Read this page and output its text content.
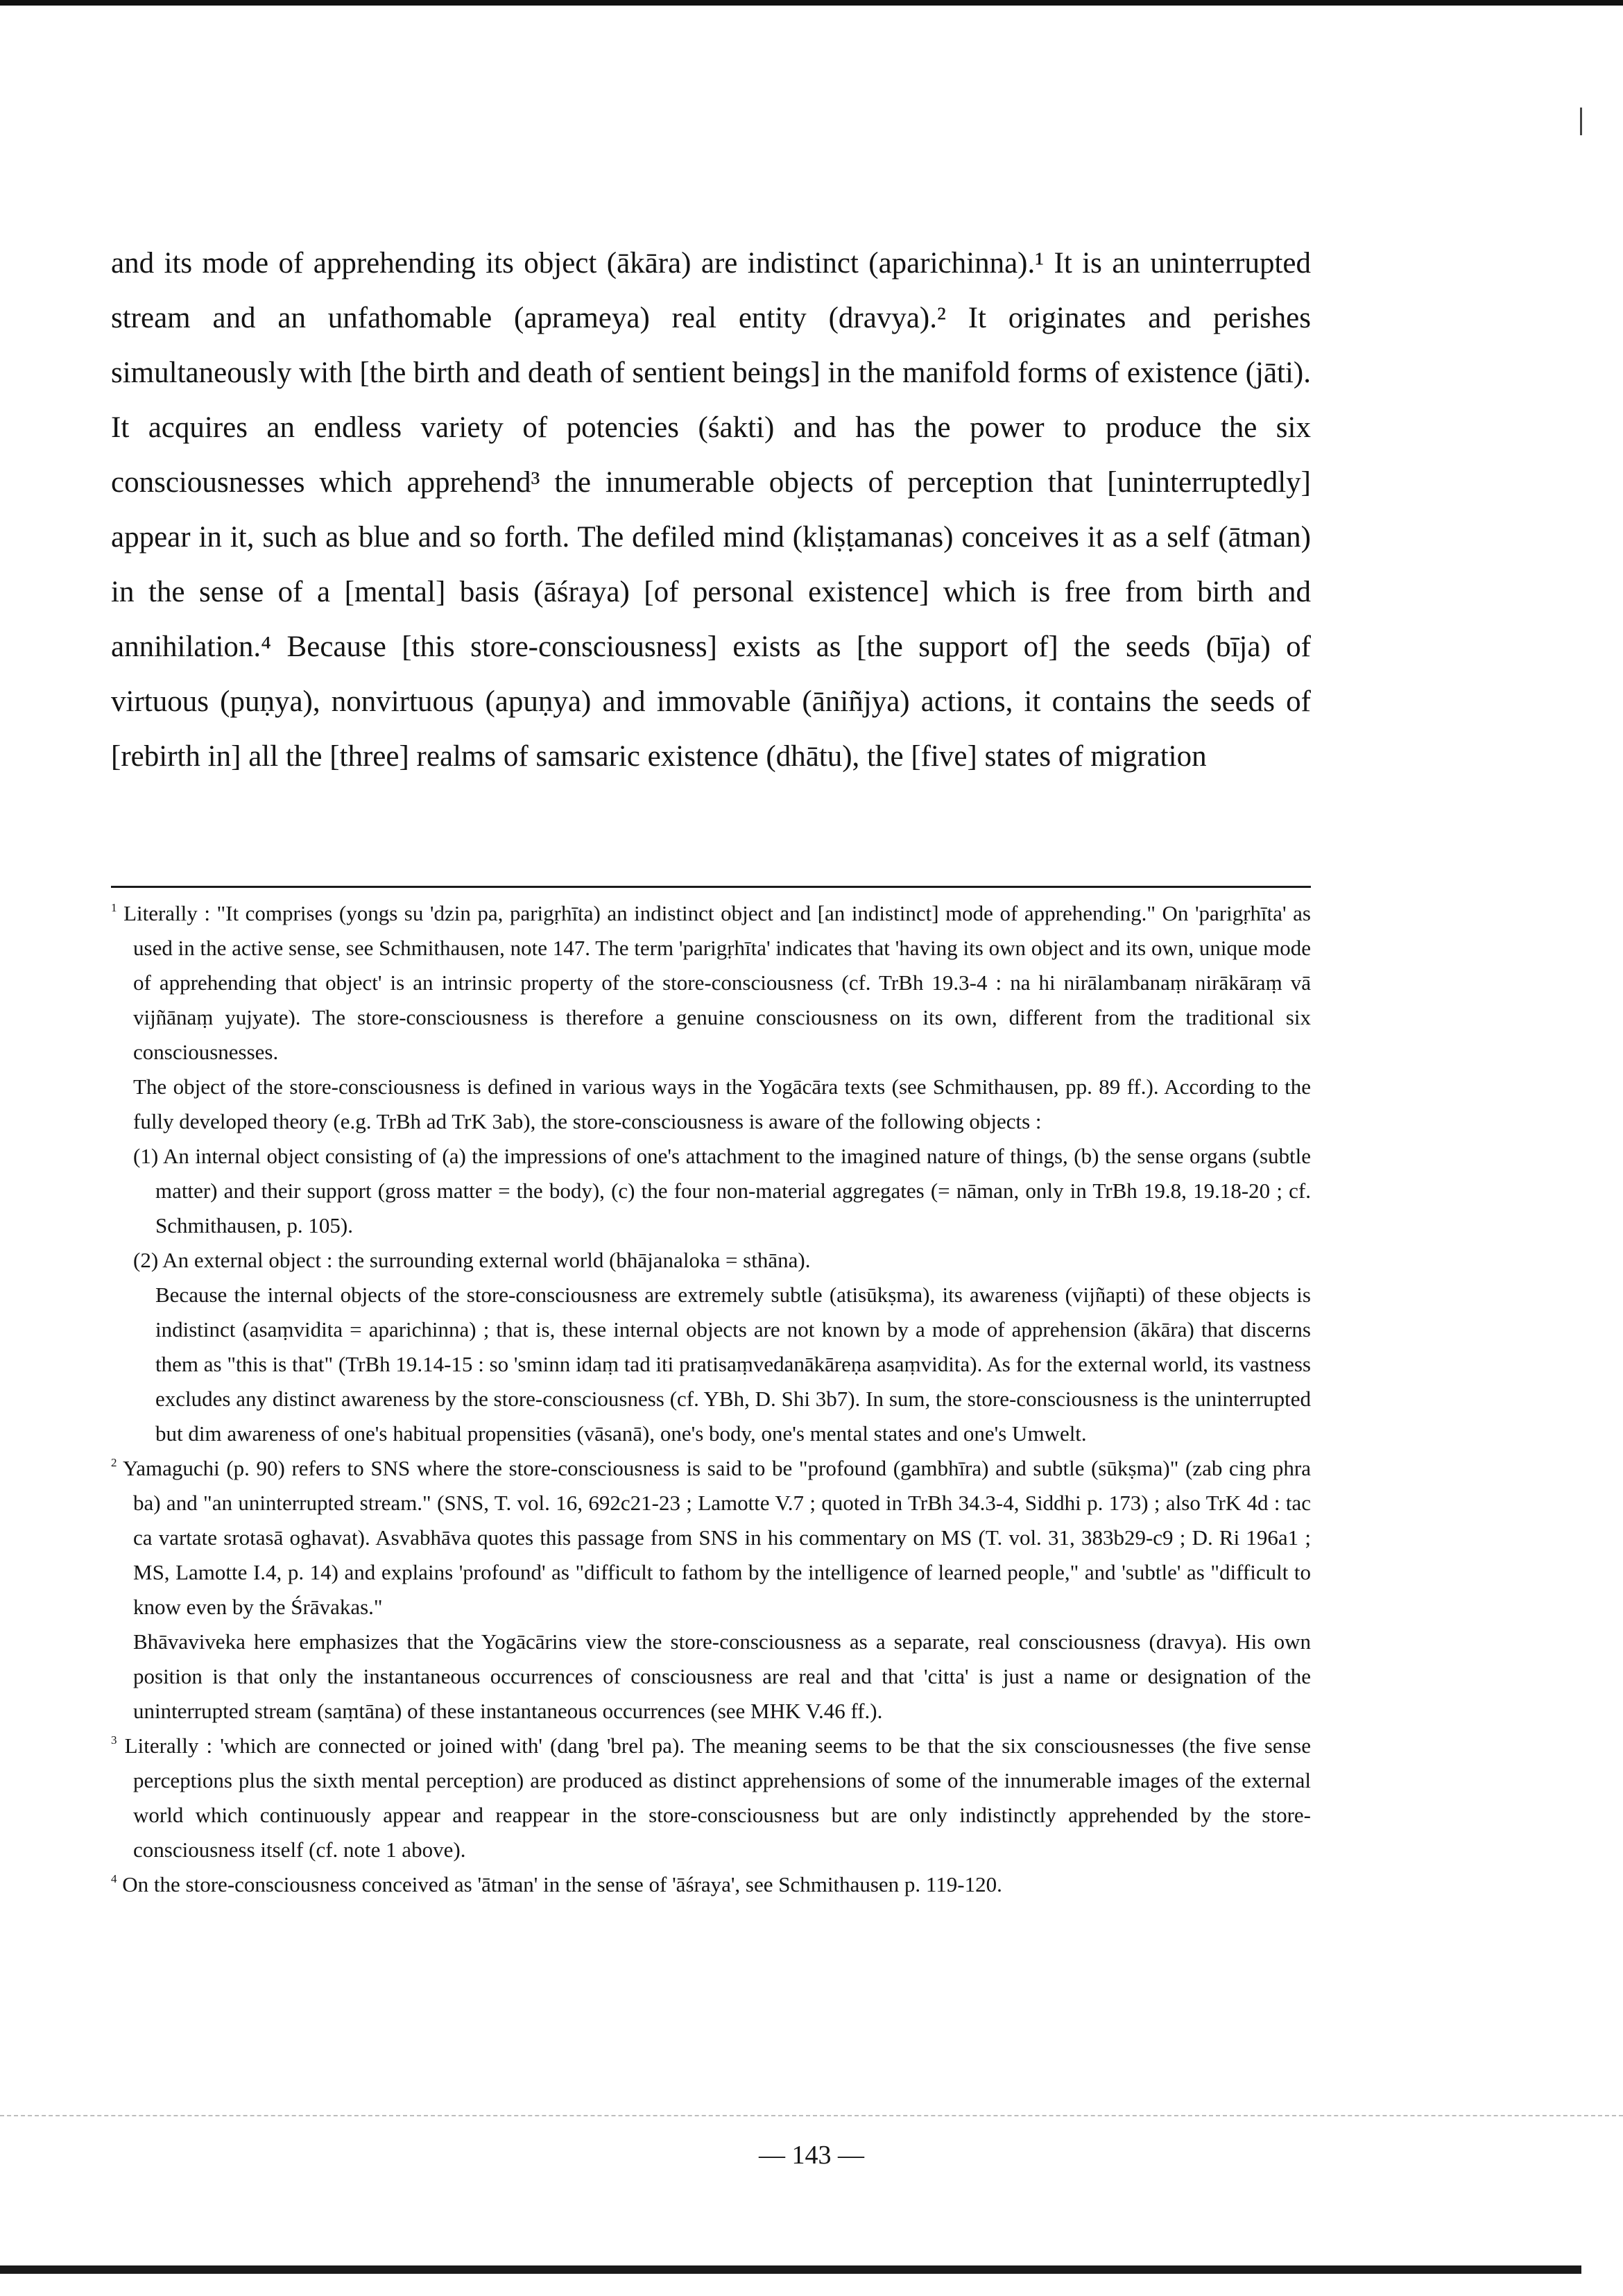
and its mode of apprehending its object (ākāra) are indistinct (aparichinna).¹ It is an uninterrupted stream and an unfathomable (aprameya) real entity (dravya).² It originates and perishes simultaneously with [the birth and death of sentient beings] in the manifold forms of existence (jāti). It acquires an endless variety of potencies (śakti) and has the power to produce the six consciousnesses which apprehend³ the innumerable objects of perception that [uninterruptedly] appear in it, such as blue and so forth. The defiled mind (kliṣṭamanas) conceives it as a self (ātman) in the sense of a [mental] basis (āśraya) [of personal existence] which is free from birth and annihilation.⁴ Because [this store-consciousness] exists as [the support of] the seeds (bīja) of virtuous (puṇya), nonvirtuous (apuṇya) and immovable (āniñjya) actions, it contains the seeds of [rebirth in] all the [three] realms of samsaric existence (dhātu), the [five] states of migration

$^1$ Literally : "It comprises (yongs su 'dzin pa, parigṛhīta) an indistinct object and [an indistinct] mode of apprehending." On 'parigṛhīta' as used in the active sense, see Schmithausen, note 147. The term 'parigṛhīta' indicates that 'having its own object and its own, unique mode of apprehending that object' is an intrinsic property of the store-consciousness (cf. TrBh 19.3-4 : na hi nirālambanaṃ nirākāraṃ vā vijñānaṃ yujyate). The store-consciousness is therefore a genuine consciousness on its own, different from the traditional six consciousnesses.

The object of the store-consciousness is defined in various ways in the Yogācāra texts (see Schmithausen, pp. 89 ff.). According to the fully developed theory (e.g. TrBh ad TrK 3ab), the store-consciousness is aware of the following objects :

(1) An internal object consisting of (a) the impressions of one's attachment to the imagined nature of things, (b) the sense organs (subtle matter) and their support (gross matter = the body), (c) the four non-material aggregates (= nāman, only in TrBh 19.8, 19.18-20 ; cf. Schmithausen, p. 105).

(2) An external object : the surrounding external world (bhājanaloka = sthāna).

Because the internal objects of the store-consciousness are extremely subtle (atisūkṣma), its awareness (vijñapti) of these objects is indistinct (asaṃvidita = aparichinna) ; that is, these internal objects are not known by a mode of apprehension (ākāra) that discerns them as "this is that" (TrBh 19.14-15 : so 'sminn idaṃ tad iti pratisaṃvedanākāreṇa asaṃvidita). As for the external world, its vastness excludes any distinct awareness by the store-consciousness (cf. YBh, D. Shi 3b7). In sum, the store-consciousness is the uninterrupted but dim awareness of one's habitual propensities (vāsanā), one's body, one's mental states and one's Umwelt.

$^2$ Yamaguchi (p. 90) refers to SNS where the store-consciousness is said to be "profound (gambhīra) and subtle (sūkṣma)" (zab cing phra ba) and "an uninterrupted stream." (SNS, T. vol. 16, 692c21-23 ; Lamotte V.7 ; quoted in TrBh 34.3-4, Siddhi p. 173) ; also TrK 4d : tac ca vartate srotasā oghavat). Asvabhāva quotes this passage from SNS in his commentary on MS (T. vol. 31, 383b29-c9 ; D. Ri 196a1 ; MS, Lamotte I.4, p. 14) and explains 'profound' as "difficult to fathom by the intelligence of learned people," and 'subtle' as "difficult to know even by the Śrāvakas."

Bhāvaviveka here emphasizes that the Yogācārins view the store-consciousness as a separate, real consciousness (dravya). His own position is that only the instantaneous occurrences of consciousness are real and that 'citta' is just a name or designation of the uninterrupted stream (saṃtāna) of these instantaneous occurrences (see MHK V.46 ff.).

$^3$ Literally : 'which are connected or joined with' (dang 'brel pa). The meaning seems to be that the six consciousnesses (the five sense perceptions plus the sixth mental perception) are produced as distinct apprehensions of some of the innumerable images of the external world which continuously appear and reappear in the store-consciousness but are only indistinctly apprehended by the store-consciousness itself (cf. note 1 above).

$^4$ On the store-consciousness conceived as 'ātman' in the sense of 'āśraya', see Schmithausen p. 119-120.

— 143 —
